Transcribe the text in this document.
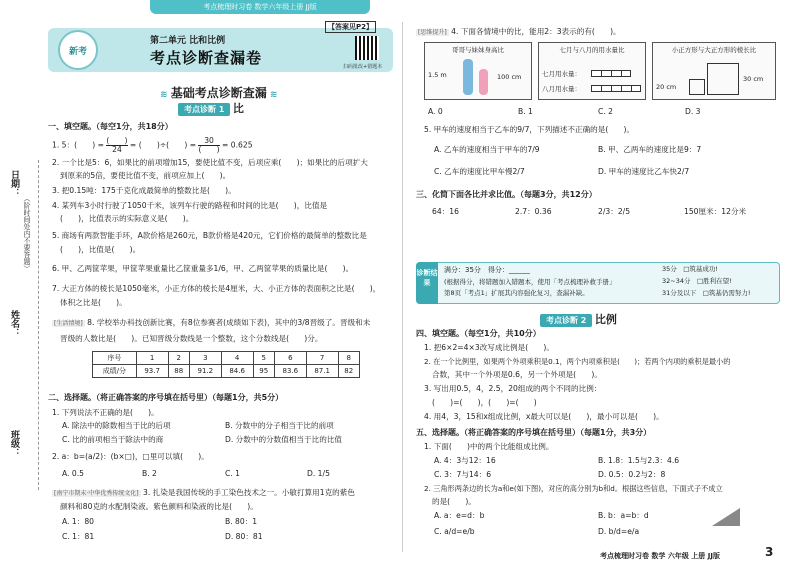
考点梳理时习卷 数学六年级上册 JJ版
日期：
（阶时间处内不要答题）
姓名：
班级：
新考
第二单元 比和比例
考点诊断查漏卷
【答案见P2】
扫码批改+错题本
≋ 基础考点诊断查漏 ≋
考点诊断 1 比
一、填空题。（每空1分，共18分）
1. 5：(　　) = (　　)
24 = (　　)÷(　　) = 30
(　　) = 0.625
2. 一个比是5：6，如果比的前项增加15，要使比值不变，后项应乘(　　)；如果比的后项扩大
到原来的5倍，要使比值不变，前项应加上(　　)。
3. 把0.15吨：175千克化成最简单的整数比是(　　)。
4. 某列车3小时行驶了1050千米，该列车行驶的路程和时间的比是(　　)，比值是
(　　)，比值表示的实际意义是(　　)。
5. 商场有两款智能手环，A款价格是260元，B款价格是420元，它们价格的最简单的整数比是
(　　)，比值是(　　)。
6. 甲、乙两筐苹果，甲筐苹果重量比乙筐重量多1/6，甲、乙两筐苹果的质量比是(　　)。
7. 大正方体的棱长是1050毫米，小正方体的棱长是4厘米，大、小正方体的表面积之比是(　　)，
体积之比是(　　)。
[生活情境] 8. 学校举办科技创新比赛，有8位参赛者(成绩如下表)，其中的3/8晋级了。晋级和未
晋级的人数比是(　　)。已知晋级分数线是一个整数，这个分数线是(　　)分。
序号	1	2	3	4	5	6	7	8
成绩/分	93.7	88	91.2	84.6	95	83.6	87.1	82
二、选择题。（将正确答案的序号填在括号里）（每题1分，共5分）
1. 下列说法不正确的是(　　)。
A. 除法中的除数相当于比的后项	B. 分数中的分子相当于比的前项
C. 比的前项相当于除法中的商	D. 分数中的分数值相当于比的比值
2. a：b=(a/2)：(b×□)，□里可以填(　　)。
A. 0.5	B. 2	C. 1	D. 1/5
[南宁市期末·中华优秀传统文化] 3. 扎染是我国传统的手工染色技术之一。小敏打算用1克的紫色
颜料和80克的水配制染液。紫色颜料和染液的比是(　　)。
A. 1：80	B. 80：1
C. 1：81	D. 80：81
[思维提升] 4. 下面各情境中的比，能用2：3表示的有(　　)。
哥哥与妹妹身高比
1.5 m	100 cm
七月与八月的用水量比
七月用水量：
八月用水量：
小正方形与大正方形的棱长比
20 cm
30 cm
A. 0	B. 1	C. 2	D. 3
5. 甲车的速度相当于乙车的9/7，下列描述不正确的是(　　)。
A. 乙车的速度相当于甲车的7/9	B. 甲、乙两车的速度比是9：7
C. 乙车的速度比甲车慢2/7	D. 甲车的速度比乙车快2/7
三、化简下面各比并求比值。（每题3分，共12分）
64：16	2.7：0.36	2/3：2/5	150厘米：12分米
诊断结果
满分：35分　得分：______
(根据得分，将错题加入错题本，使用「考点梳理补救手册」
第8页「考点1」扩展其内容强化复习，查漏补缺。
35分　□筑基成功!
32~34分　□胜利在望!
31分及以下　□筑基仍需努力!
考点诊断 2 比例
四、填空题。（每空1分，共10分）
1. 把6×2=4×3改写成比例是(　　)。
2. 在一个比例里，如果两个外项乘积是0.1，两个内项乘积是(　　)；若两个内项的乘积是最小的
合数，其中一个外项是0.6，另一个外项是(　　)。
3. 写出用0.5，4，2.5，20组成的两个不同的比例：
(　　)=(　　)，(　　)=(　　)
4. 用4，3，15和x组成比例，x最大可以是(　　)，最小可以是(　　)。
五、选择题。（将正确答案的序号填在括号里）（每题1分，共3分）
1. 下面(　　)中的两个比能组成比例。
A. 4：3与12：16	B. 1.8：1.5与2.3：4.6
C. 3：7与14：6	D. 0.5：0.2与2：8
2. 三角形两条边的长为a和e(如下图)，对应的高分别为b和d。根据这些信息，下面式子不成立
的是(　　)。
A. a：e=d：b	B. b：a=b：d
C. a/d=e/b	D. b/d=e/a
考点梳理时习卷 数学 六年级 上册 JJ版	3
